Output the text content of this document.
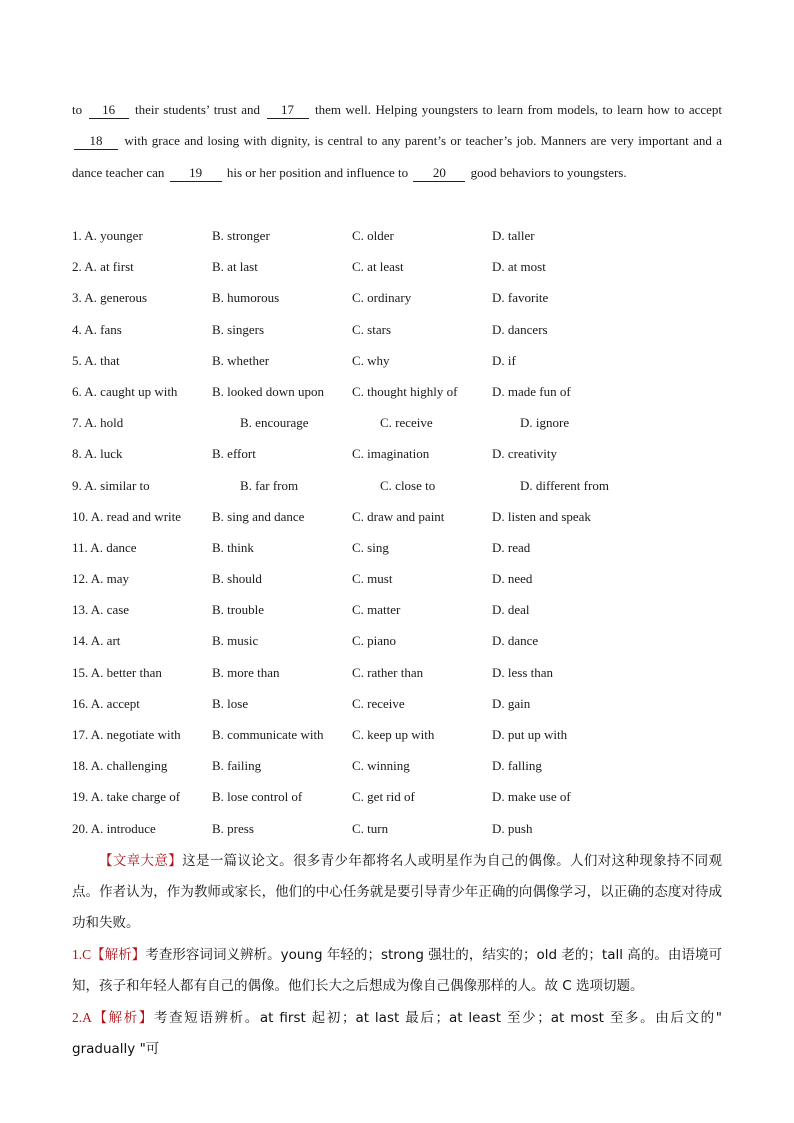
to 16 their students’ trust and 17 them well. Helping youngsters to learn from models, to learn how to accept 18 with grace and losing with dignity, is central to any parent’s or teacher’s job. Manners are very important and a dance teacher can 19 his or her position and influence to 20 good behaviors to youngsters.
1. A. younger	B. stronger	C. older	D. taller
2. A. at first	B. at last	C. at least	D. at most
3. A. generous	B. humorous	C. ordinary	D. favorite
4. A. fans	B. singers	C. stars	D. dancers
5. A. that	B. whether	C. why	D. if
6. A. caught up with	B. looked down upon C. thought highly of	D. made fun of
7. A. hold	B. encourage	C. receive	D. ignore
8. A. luck	B. effort	C. imagination	D. creativity
9. A. similar to	B. far from	C. close to	D. different from
10. A. read and write B. sing and dance	C. draw and paint	D. listen and speak
11. A. dance	B. think	C. sing	D. read
12. A. may	B. should	C. must	D. need
13. A. case	B. trouble	C. matter	D. deal
14. A. art	B. music	C. piano	D. dance
15. A. better than	B. more than	C. rather than	D. less than
16. A. accept	B. lose	C. receive	D. gain
17. A. negotiate with B. communicate with C. keep up with	D. put up with
18. A. challenging	B. failing	C. winning	D. falling
19. A. take charge of B. lose control of	C. get rid of	D. make use of
20. A. introduce	B. press	C. turn	D. push

【文章大意】这是一篇议论文。很多青少年都将名人或明星作为自己的偶像。人们对这种现象持不同观点。作者认为，作为教师或家长，他们的中心任务就是要引导青少年正确的向偶像学习，以正确的态度对待成功和失败。

1.C【解析】考查形容词词义辨析。young 年轻的；strong 强壮的，结实的；old 老的；tall 高的。由语境可知，孩子和年轻人都有自己的偶像。他们长大之后想成为像自己偶像那样的人。故 C 选项切题。

2.A【解析】考查短语辨析。at first 起初；at last 最后；at least 至少；at most 至多。由后文的" gradually "可
